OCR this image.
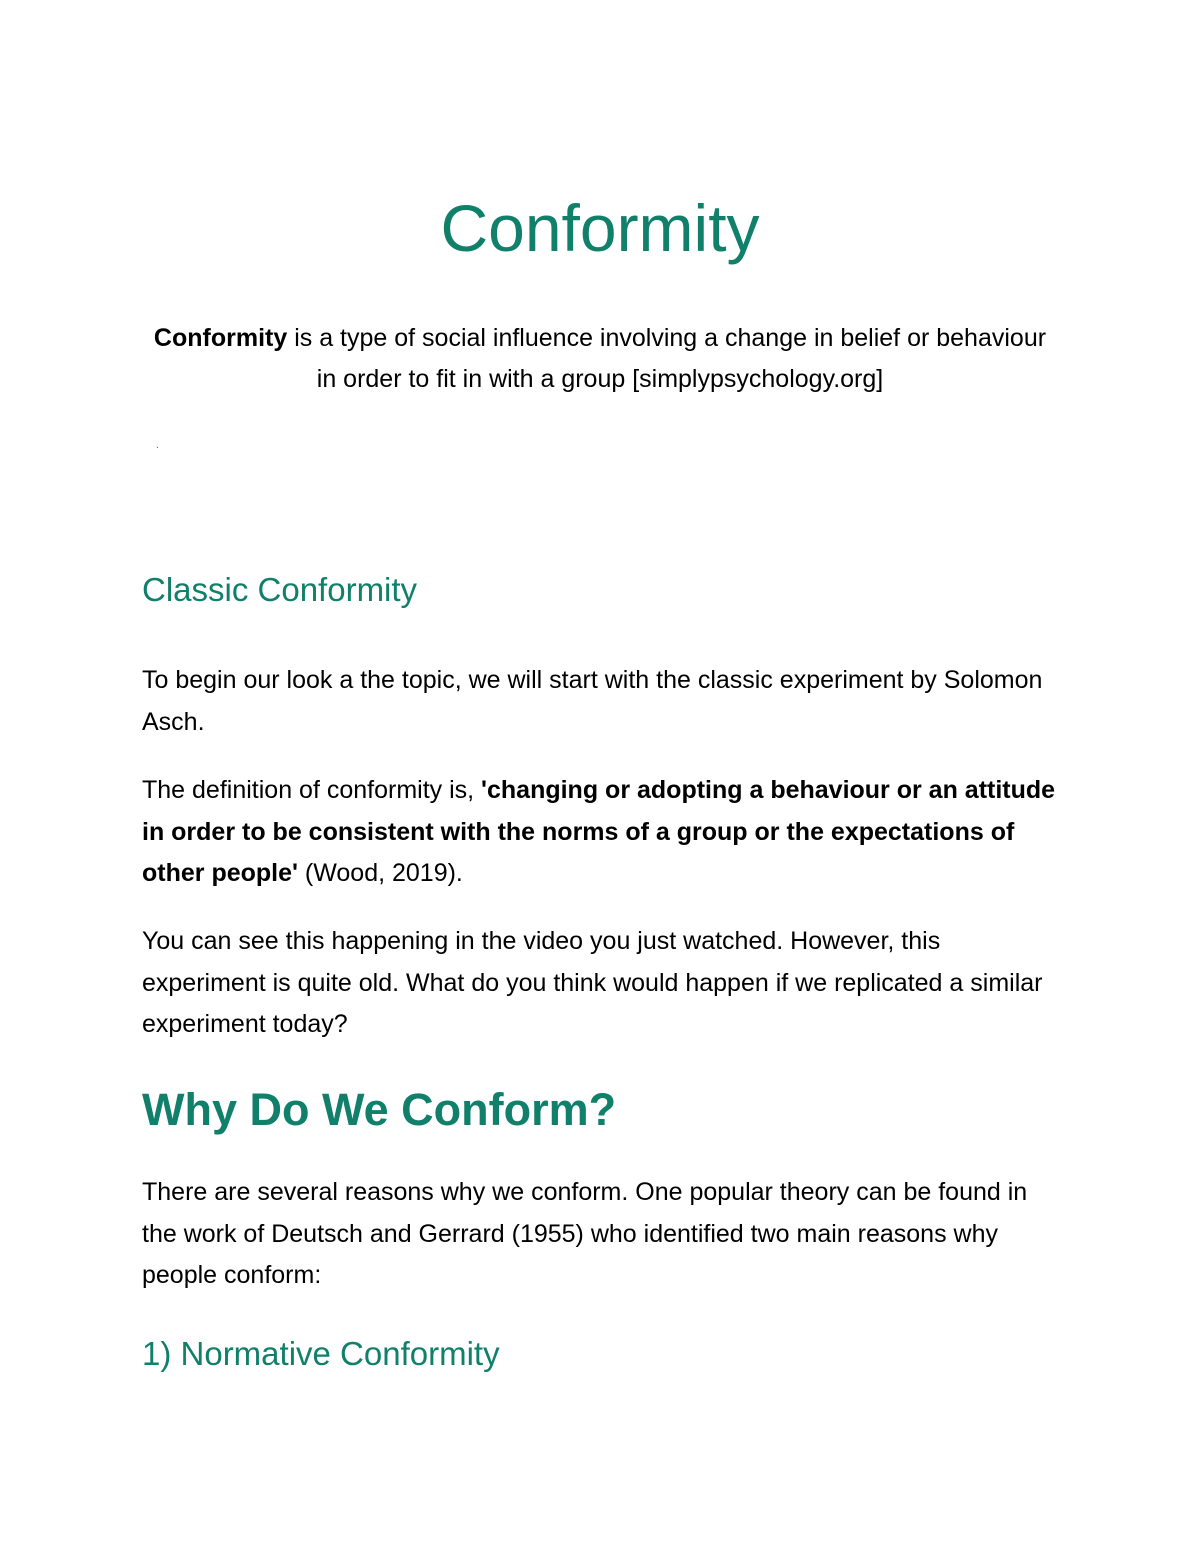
Conformity

Conformity is a type of social influence involving a change in belief or behaviour in order to fit in with a group [simplypsychology.org]

.
Classic Conformity

To begin our look a the topic, we will start with the classic experiment by Solomon Asch.

The definition of conformity is, 'changing or adopting a behaviour or an attitude in order to be consistent with the norms of a group or the expectations of other people' (Wood, 2019).

You can see this happening in the video you just watched. However, this experiment is quite old. What do you think would happen if we replicated a similar experiment today?

Why Do We Conform?

There are several reasons why we conform. One popular theory can be found in the work of Deutsch and Gerrard (1955) who identified two main reasons why people conform:

1) Normative Conformity
